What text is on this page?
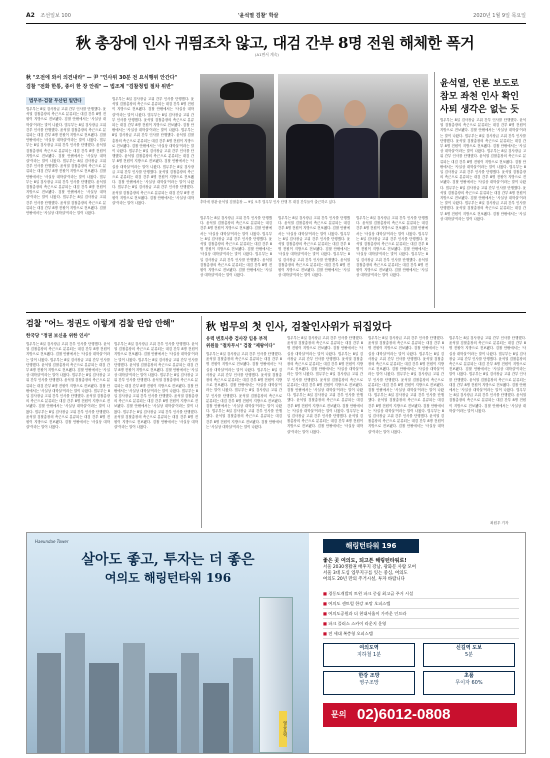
A2 조선일보 100	'윤석열 검찰' 학살	2020년 1월 9일 목요일
秋 총장에 인사 귀띔조차 않고, 대검 간부 8명 전원 해체한 폭거
(A1면서 계속)
秋 "오전에 와서 의견내라" — 尹 "인사위 30분 전 요식행위 안간다"
검찰 "전화 한통, 종이 한 장 안줘" — 법조계 "검찰청법 절차 위반"
법무부·검찰 무산된 일만다
법무부는 8일 검사장급 고위 간부 인사를 단행했다. 윤석열 검찰총장의 측근으로 분류되는 대검 간부 8명 전원이 지방으로 전보됐다. 검찰 안팎에서는 '사실상 대학살'이라는 말이 나왔다. 법무부는 8일 검사장급 고위 간부 인사를 단행했다. 윤석열 검찰총장의 측근으로 분류되는 대검 간부 8명 전원이 지방으로 전보됐다. 검찰 안팎에서는 '사실상 대학살'이라는 말이 나왔다. 법무부는 8일 검사장급 고위 간부 인사를 단행했다. 윤석열 검찰총장의 측근으로 분류되는 대검 간부 8명 전원이 지방으로 전보됐다. 검찰 안팎에서는 '사실상 대학살'이라는 말이 나왔다. 법무부는 8일 검사장급 고위 간부 인사를 단행했다. 윤석열 검찰총장의 측근으로 분류되는 대검 간부 8명 전원이 지방으로 전보됐다. 검찰 안팎에서는 '사실상 대학살'이라는 말이 나왔다. 법무부는 8일 검사장급 고위 간부 인사를 단행했다. 윤석열 검찰총장의 측근으로 분류되는 대검 간부 8명 전원이 지방으로 전보됐다. 검찰 안팎에서는 '사실상 대학살'이라는 말이 나왔다. 법무부는 8일 검사장급 고위 간부 인사를 단행했다. 윤석열 검찰총장의 측근으로 분류되는 대검 간부 8명 전원이 지방으로 전보됐다. 검찰 안팎에서는 '사실상 대학살'이라는 말이 나왔다.
법무부는 8일 검사장급 고위 간부 인사를 단행했다. 윤석열 검찰총장의 측근으로 분류되는 대검 간부 8명 전원이 지방으로 전보됐다. 검찰 안팎에서는 '사실상 대학살'이라는 말이 나왔다. 법무부는 8일 검사장급 고위 간부 인사를 단행했다. 윤석열 검찰총장의 측근으로 분류되는 대검 간부 8명 전원이 지방으로 전보됐다. 검찰 안팎에서는 '사실상 대학살'이라는 말이 나왔다. 법무부는 8일 검사장급 고위 간부 인사를 단행했다. 윤석열 검찰총장의 측근으로 분류되는 대검 간부 8명 전원이 지방으로 전보됐다. 검찰 안팎에서는 '사실상 대학살'이라는 말이 나왔다. 법무부는 8일 검사장급 고위 간부 인사를 단행했다. 윤석열 검찰총장의 측근으로 분류되는 대검 간부 8명 전원이 지방으로 전보됐다. 검찰 안팎에서는 '사실상 대학살'이라는 말이 나왔다. 법무부는 8일 검사장급 고위 간부 인사를 단행했다. 윤석열 검찰총장의 측근으로 분류되는 대검 간부 8명 전원이 지방으로 전보됐다. 검찰 안팎에서는 '사실상 대학살'이라는 말이 나왔다. 법무부는 8일 검사장급 고위 간부 인사를 단행했다. 윤석열 검찰총장의 측근으로 분류되는 대검 간부 8명 전원이 지방으로 전보됐다. 검찰 안팎에서는 '사실상 대학살'이라는 말이 나왔다.	추미애 장관·윤석열 검찰총장 — 9일 오후 법무부 인사 단행 후 대검 간부들이 출근하고 있다.
법무부는 8일 검사장급 고위 간부 인사를 단행했다. 윤석열 검찰총장의 측근으로 분류되는 대검 간부 8명 전원이 지방으로 전보됐다. 검찰 안팎에서는 '사실상 대학살'이라는 말이 나왔다. 법무부는 8일 검사장급 고위 간부 인사를 단행했다. 윤석열 검찰총장의 측근으로 분류되는 대검 간부 8명 전원이 지방으로 전보됐다. 검찰 안팎에서는 '사실상 대학살'이라는 말이 나왔다. 법무부는 8일 검사장급 고위 간부 인사를 단행했다. 윤석열 검찰총장의 측근으로 분류되는 대검 간부 8명 전원이 지방으로 전보됐다. 검찰 안팎에서는 '사실상 대학살'이라는 말이 나왔다.
법무부는 8일 검사장급 고위 간부 인사를 단행했다. 윤석열 검찰총장의 측근으로 분류되는 대검 간부 8명 전원이 지방으로 전보됐다. 검찰 안팎에서는 '사실상 대학살'이라는 말이 나왔다. 법무부는 8일 검사장급 고위 간부 인사를 단행했다. 윤석열 검찰총장의 측근으로 분류되는 대검 간부 8명 전원이 지방으로 전보됐다. 검찰 안팎에서는 '사실상 대학살'이라는 말이 나왔다. 법무부는 8일 검사장급 고위 간부 인사를 단행했다. 윤석열 검찰총장의 측근으로 분류되는 대검 간부 8명 전원이 지방으로 전보됐다. 검찰 안팎에서는 '사실상 대학살'이라는 말이 나왔다.
법무부는 8일 검사장급 고위 간부 인사를 단행했다. 윤석열 검찰총장의 측근으로 분류되는 대검 간부 8명 전원이 지방으로 전보됐다. 검찰 안팎에서는 '사실상 대학살'이라는 말이 나왔다. 법무부는 8일 검사장급 고위 간부 인사를 단행했다. 윤석열 검찰총장의 측근으로 분류되는 대검 간부 8명 전원이 지방으로 전보됐다. 검찰 안팎에서는 '사실상 대학살'이라는 말이 나왔다. 법무부는 8일 검사장급 고위 간부 인사를 단행했다. 윤석열 검찰총장의 측근으로 분류되는 대검 간부 8명 전원이 지방으로 전보됐다. 검찰 안팎에서는 '사실상 대학살'이라는 말이 나왔다.
윤석열, 언론 보도로
참모 좌천 인사 확인
사퇴 생각은 없는 듯
법무부는 8일 검사장급 고위 간부 인사를 단행했다. 윤석열 검찰총장의 측근으로 분류되는 대검 간부 8명 전원이 지방으로 전보됐다. 검찰 안팎에서는 '사실상 대학살'이라는 말이 나왔다. 법무부는 8일 검사장급 고위 간부 인사를 단행했다. 윤석열 검찰총장의 측근으로 분류되는 대검 간부 8명 전원이 지방으로 전보됐다. 검찰 안팎에서는 '사실상 대학살'이라는 말이 나왔다. 법무부는 8일 검사장급 고위 간부 인사를 단행했다. 윤석열 검찰총장의 측근으로 분류되는 대검 간부 8명 전원이 지방으로 전보됐다. 검찰 안팎에서는 '사실상 대학살'이라는 말이 나왔다. 법무부는 8일 검사장급 고위 간부 인사를 단행했다. 윤석열 검찰총장의 측근으로 분류되는 대검 간부 8명 전원이 지방으로 전보됐다. 검찰 안팎에서는 '사실상 대학살'이라는 말이 나왔다. 법무부는 8일 검사장급 고위 간부 인사를 단행했다. 윤석열 검찰총장의 측근으로 분류되는 대검 간부 8명 전원이 지방으로 전보됐다. 검찰 안팎에서는 '사실상 대학살'이라는 말이 나왔다. 법무부는 8일 검사장급 고위 간부 인사를 단행했다. 윤석열 검찰총장의 측근으로 분류되는 대검 간부 8명 전원이 지방으로 전보됐다. 검찰 안팎에서는 '사실상 대학살'이라는 말이 나왔다.
검찰 "어느 정권도 이렇게 검찰 탄압 안해"
한국당 "정권 보신을 위한 인사"
법무부는 8일 검사장급 고위 간부 인사를 단행했다. 윤석열 검찰총장의 측근으로 분류되는 대검 간부 8명 전원이 지방으로 전보됐다. 검찰 안팎에서는 '사실상 대학살'이라는 말이 나왔다. 법무부는 8일 검사장급 고위 간부 인사를 단행했다. 윤석열 검찰총장의 측근으로 분류되는 대검 간부 8명 전원이 지방으로 전보됐다. 검찰 안팎에서는 '사실상 대학살'이라는 말이 나왔다. 법무부는 8일 검사장급 고위 간부 인사를 단행했다. 윤석열 검찰총장의 측근으로 분류되는 대검 간부 8명 전원이 지방으로 전보됐다. 검찰 안팎에서는 '사실상 대학살'이라는 말이 나왔다. 법무부는 8일 검사장급 고위 간부 인사를 단행했다. 윤석열 검찰총장의 측근으로 분류되는 대검 간부 8명 전원이 지방으로 전보됐다. 검찰 안팎에서는 '사실상 대학살'이라는 말이 나왔다. 법무부는 8일 검사장급 고위 간부 인사를 단행했다. 윤석열 검찰총장의 측근으로 분류되는 대검 간부 8명 전원이 지방으로 전보됐다. 검찰 안팎에서는 '사실상 대학살'이라는 말이 나왔다.
법무부는 8일 검사장급 고위 간부 인사를 단행했다. 윤석열 검찰총장의 측근으로 분류되는 대검 간부 8명 전원이 지방으로 전보됐다. 검찰 안팎에서는 '사실상 대학살'이라는 말이 나왔다. 법무부는 8일 검사장급 고위 간부 인사를 단행했다. 윤석열 검찰총장의 측근으로 분류되는 대검 간부 8명 전원이 지방으로 전보됐다. 검찰 안팎에서는 '사실상 대학살'이라는 말이 나왔다. 법무부는 8일 검사장급 고위 간부 인사를 단행했다. 윤석열 검찰총장의 측근으로 분류되는 대검 간부 8명 전원이 지방으로 전보됐다. 검찰 안팎에서는 '사실상 대학살'이라는 말이 나왔다. 법무부는 8일 검사장급 고위 간부 인사를 단행했다. 윤석열 검찰총장의 측근으로 분류되는 대검 간부 8명 전원이 지방으로 전보됐다. 검찰 안팎에서는 '사실상 대학살'이라는 말이 나왔다. 법무부는 8일 검사장급 고위 간부 인사를 단행했다. 윤석열 검찰총장의 측근으로 분류되는 대검 간부 8명 전원이 지방으로 전보됐다. 검찰 안팎에서는 '사실상 대학살'이라는 말이 나왔다.
秋 법무의 첫 인사, 검찰인사위가 뒤집었다
유력 변호사층 검사장 임용 부적
위원들 "절차무시" 검찰 "제왕이다"
법무부는 8일 검사장급 고위 간부 인사를 단행했다. 윤석열 검찰총장의 측근으로 분류되는 대검 간부 8명 전원이 지방으로 전보됐다. 검찰 안팎에서는 '사실상 대학살'이라는 말이 나왔다. 법무부는 8일 검사장급 고위 간부 인사를 단행했다. 윤석열 검찰총장의 측근으로 분류되는 대검 간부 8명 전원이 지방으로 전보됐다. 검찰 안팎에서는 '사실상 대학살'이라는 말이 나왔다. 법무부는 8일 검사장급 고위 간부 인사를 단행했다. 윤석열 검찰총장의 측근으로 분류되는 대검 간부 8명 전원이 지방으로 전보됐다. 검찰 안팎에서는 '사실상 대학살'이라는 말이 나왔다. 법무부는 8일 검사장급 고위 간부 인사를 단행했다. 윤석열 검찰총장의 측근으로 분류되는 대검 간부 8명 전원이 지방으로 전보됐다. 검찰 안팎에서는 '사실상 대학살'이라는 말이 나왔다.
법무부는 8일 검사장급 고위 간부 인사를 단행했다. 윤석열 검찰총장의 측근으로 분류되는 대검 간부 8명 전원이 지방으로 전보됐다. 검찰 안팎에서는 '사실상 대학살'이라는 말이 나왔다. 법무부는 8일 검사장급 고위 간부 인사를 단행했다. 윤석열 검찰총장의 측근으로 분류되는 대검 간부 8명 전원이 지방으로 전보됐다. 검찰 안팎에서는 '사실상 대학살'이라는 말이 나왔다. 법무부는 8일 검사장급 고위 간부 인사를 단행했다. 윤석열 검찰총장의 측근으로 분류되는 대검 간부 8명 전원이 지방으로 전보됐다. 검찰 안팎에서는 '사실상 대학살'이라는 말이 나왔다. 법무부는 8일 검사장급 고위 간부 인사를 단행했다. 윤석열 검찰총장의 측근으로 분류되는 대검 간부 8명 전원이 지방으로 전보됐다. 검찰 안팎에서는 '사실상 대학살'이라는 말이 나왔다. 법무부는 8일 검사장급 고위 간부 인사를 단행했다. 윤석열 검찰총장의 측근으로 분류되는 대검 간부 8명 전원이 지방으로 전보됐다. 검찰 안팎에서는 '사실상 대학살'이라는 말이 나왔다.
법무부는 8일 검사장급 고위 간부 인사를 단행했다. 윤석열 검찰총장의 측근으로 분류되는 대검 간부 8명 전원이 지방으로 전보됐다. 검찰 안팎에서는 '사실상 대학살'이라는 말이 나왔다. 법무부는 8일 검사장급 고위 간부 인사를 단행했다. 윤석열 검찰총장의 측근으로 분류되는 대검 간부 8명 전원이 지방으로 전보됐다. 검찰 안팎에서는 '사실상 대학살'이라는 말이 나왔다. 법무부는 8일 검사장급 고위 간부 인사를 단행했다. 윤석열 검찰총장의 측근으로 분류되는 대검 간부 8명 전원이 지방으로 전보됐다. 검찰 안팎에서는 '사실상 대학살'이라는 말이 나왔다. 법무부는 8일 검사장급 고위 간부 인사를 단행했다. 윤석열 검찰총장의 측근으로 분류되는 대검 간부 8명 전원이 지방으로 전보됐다. 검찰 안팎에서는 '사실상 대학살'이라는 말이 나왔다. 법무부는 8일 검사장급 고위 간부 인사를 단행했다. 윤석열 검찰총장의 측근으로 분류되는 대검 간부 8명 전원이 지방으로 전보됐다. 검찰 안팎에서는 '사실상 대학살'이라는 말이 나왔다.
법무부는 8일 검사장급 고위 간부 인사를 단행했다. 윤석열 검찰총장의 측근으로 분류되는 대검 간부 8명 전원이 지방으로 전보됐다. 검찰 안팎에서는 '사실상 대학살'이라는 말이 나왔다. 법무부는 8일 검사장급 고위 간부 인사를 단행했다. 윤석열 검찰총장의 측근으로 분류되는 대검 간부 8명 전원이 지방으로 전보됐다. 검찰 안팎에서는 '사실상 대학살'이라는 말이 나왔다. 법무부는 8일 검사장급 고위 간부 인사를 단행했다. 윤석열 검찰총장의 측근으로 분류되는 대검 간부 8명 전원이 지방으로 전보됐다. 검찰 안팎에서는 '사실상 대학살'이라는 말이 나왔다. 법무부는 8일 검사장급 고위 간부 인사를 단행했다. 윤석열 검찰총장의 측근으로 분류되는 대검 간부 8명 전원이 지방으로 전보됐다. 검찰 안팎에서는 '사실상 대학살'이라는 말이 나왔다.
최원우 기자
Haeundae Tower
살아도 좋고, 투자는 더 좋은
여의도 해링턴타워 196
영등포역
해링턴타워 196
좋은 곳 여의도, 되고픈 해링턴타워로!
서울 2030생활권 배후지 강남, 광화문 사람 모여
서울 3대 도심 업무지구를 잇는 중심, 여의도
여의도 20년 만의 주거시설, 투자 바랍니다
■ 경동도개발의 트윈 파크 중심 최고급 주거 시설
■ 여의도 센트럴 한강 조망 오피스텔
■ 여의도공원과 더 현대서울이 가까운 인프라
■ 파크 플러스 스카이 라운지 운영
■ 전 세대 복층형 오피스텔
여의도역
지하철 1분
신길역 도보
5분
한강 조망
영구조망
초품
무이자 60%
문의 02)6012-0808
